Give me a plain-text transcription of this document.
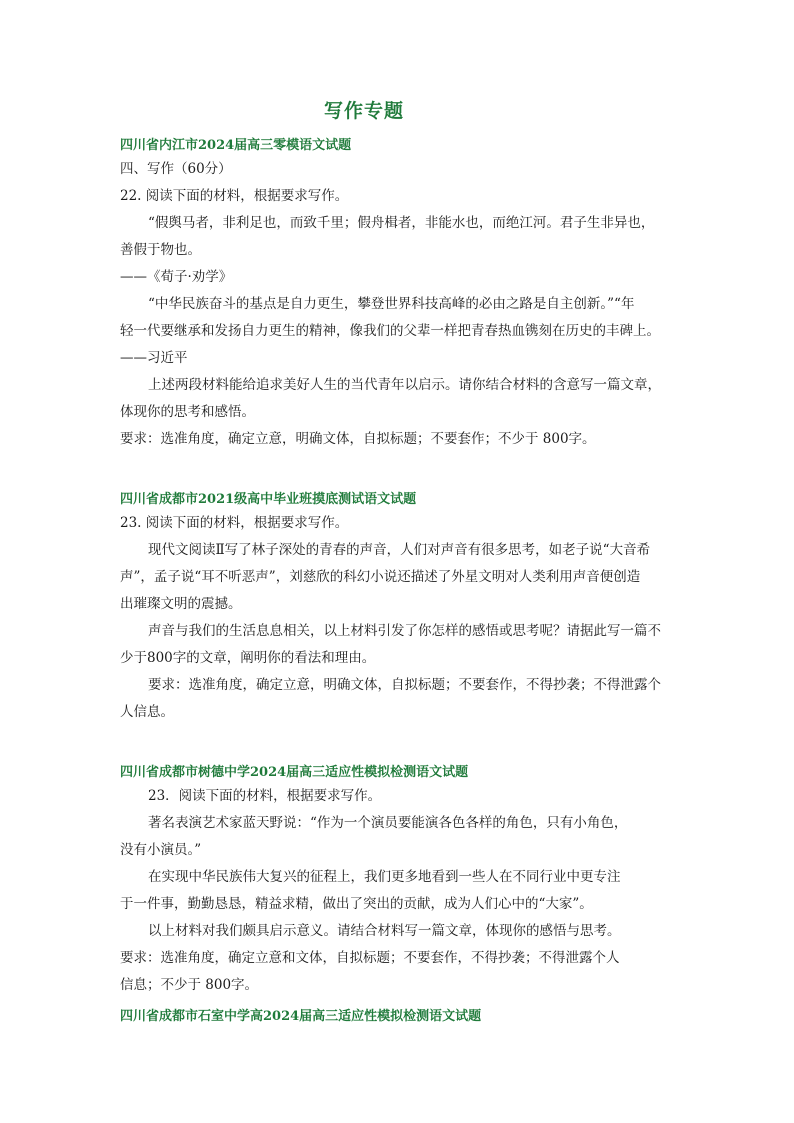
写作专题
四川省内江市2024届高三零模语文试题
四、写作（60分）
22. 阅读下面的材料，根据要求写作。
“假舆马者，非利足也，而致千里；假舟楫者，非能水也，而绝江河。君子生非异也，
善假于物也。
——《荀子·劝学》
“中华民族奋斗的基点是自力更生，攀登世界科技高峰的必由之路是自主创新。”“年
轻一代要继承和发扬自力更生的精神，像我们的父辈一样把青春热血镌刻在历史的丰碑上。
——习近平
上述两段材料能给追求美好人生的当代青年以启示。请你结合材料的含意写一篇文章，
体现你的思考和感悟。
要求：选准角度，确定立意，明确文体，自拟标题；不要套作；不少于 800字。
四川省成都市2021级高中毕业班摸底测试语文试题
23. 阅读下面的材料，根据要求写作。
现代文阅读Ⅱ写了林子深处的青春的声音，人们对声音有很多思考，如老子说“大音希
声”，孟子说“耳不听恶声”，刘慈欣的科幻小说还描述了外星文明对人类利用声音便创造
出璀璨文明的震撼。
声音与我们的生活息息相关，以上材料引发了你怎样的感悟或思考呢？请据此写一篇不
少于800字的文章，阐明你的看法和理由。
要求：选准角度，确定立意，明确文体，自拟标题；不要套作，不得抄袭；不得泄露个
人信息。
四川省成都市树德中学2024届高三适应性模拟检测语文试题
23．阅读下面的材料，根据要求写作。
著名表演艺术家蓝天野说：“作为一个演员要能演各色各样的角色，只有小角色，
没有小演员。”
在实现中华民族伟大复兴的征程上，我们更多地看到一些人在不同行业中更专注
于一件事，勤勤恳恳，精益求精，做出了突出的贡献，成为人们心中的“大家”。
以上材料对我们颇具启示意义。请结合材料写一篇文章，体现你的感悟与思考。
要求：选准角度，确定立意和文体，自拟标题；不要套作，不得抄袭；不得泄露个人
信息；不少于 800字。
四川省成都市石室中学高2024届高三适应性模拟检测语文试题
